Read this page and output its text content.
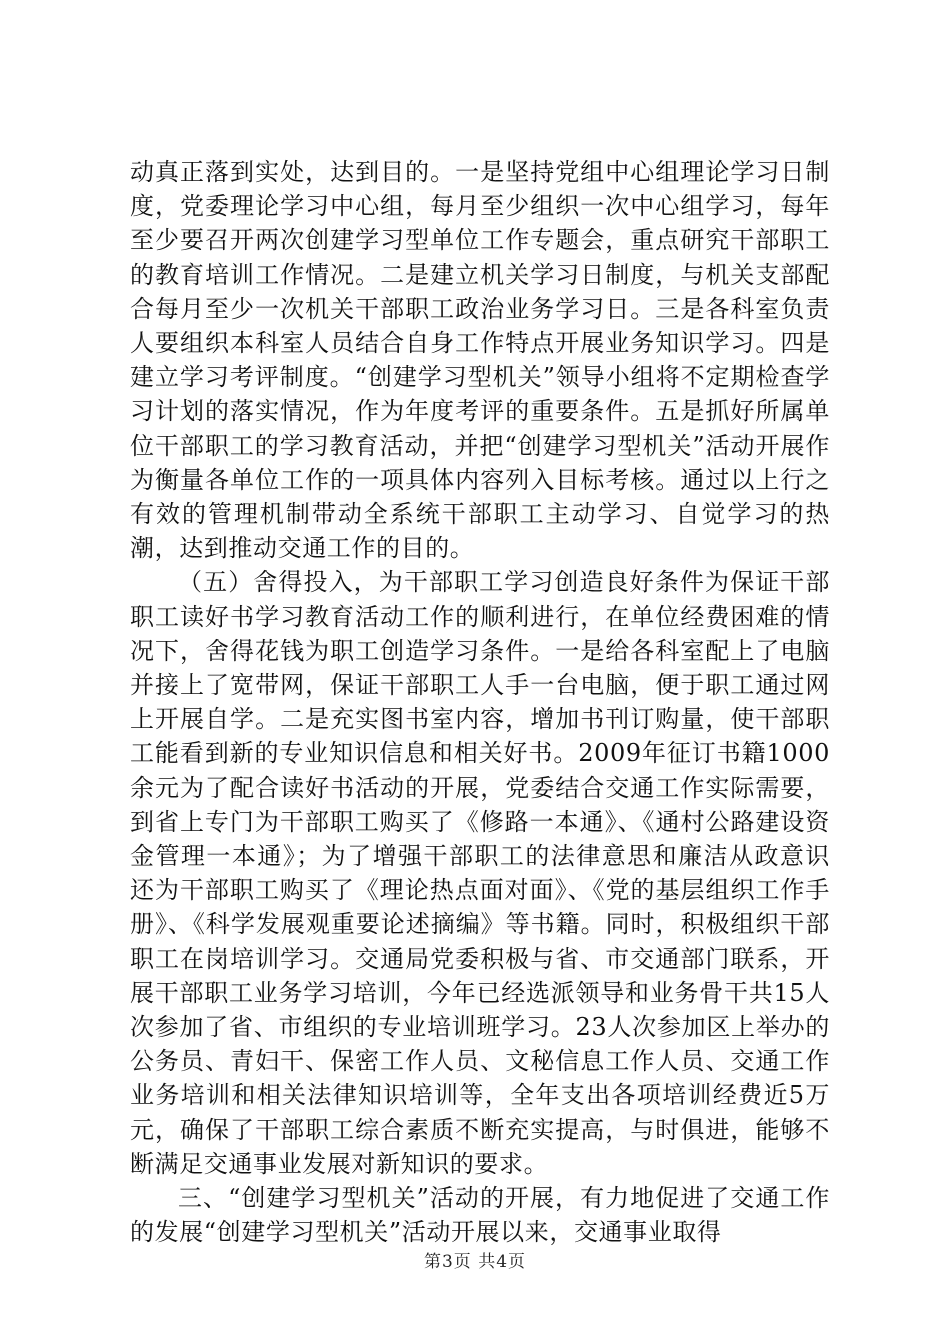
动真正落到实处，达到目的。一是坚持党组中心组理论学习日制度，党委理论学习中心组，每月至少组织一次中心组学习，每年至少要召开两次创建学习型单位工作专题会，重点研究干部职工的教育培训工作情况。二是建立机关学习日制度，与机关支部配合每月至少一次机关干部职工政治业务学习日。三是各科室负责人要组织本科室人员结合自身工作特点开展业务知识学习。四是建立学习考评制度。“创建学习型机关”领导小组将不定期检查学习计划的落实情况，作为年度考评的重要条件。五是抓好所属单位干部职工的学习教育活动，并把“创建学习型机关”活动开展作为衡量各单位工作的一项具体内容列入目标考核。通过以上行之有效的管理机制带动全系统干部职工主动学习、自觉学习的热潮，达到推动交通工作的目的。

（五）舍得投入，为干部职工学习创造良好条件为保证干部职工读好书学习教育活动工作的顺利进行，在单位经费困难的情况下，舍得花钱为职工创造学习条件。一是给各科室配上了电脑并接上了宽带网，保证干部职工人手一台电脑，便于职工通过网上开展自学。二是充实图书室内容，增加书刊订购量，使干部职工能看到新的专业知识信息和相关好书。2009年征订书籍1000余元为了配合读好书活动的开展，党委结合交通工作实际需要，到省上专门为干部职工购买了《修路一本通》、《通村公路建设资金管理一本通》；为了增强干部职工的法律意思和廉洁从政意识还为干部职工购买了《理论热点面对面》、《党的基层组织工作手册》、《科学发展观重要论述摘编》等书籍。同时，积极组织干部职工在岗培训学习。交通局党委积极与省、市交通部门联系，开展干部职工业务学习培训，今年已经选派领导和业务骨干共15人次参加了省、市组织的专业培训班学习。23人次参加区上举办的公务员、青妇干、保密工作人员、文秘信息工作人员、交通工作业务培训和相关法律知识培训等，全年支出各项培训经费近5万元，确保了干部职工综合素质不断充实提高，与时俱进，能够不断满足交通事业发展对新知识的要求。

三、“创建学习型机关”活动的开展，有力地促进了交通工作的发展“创建学习型机关”活动开展以来，交通事业取得

第3页 共4页
